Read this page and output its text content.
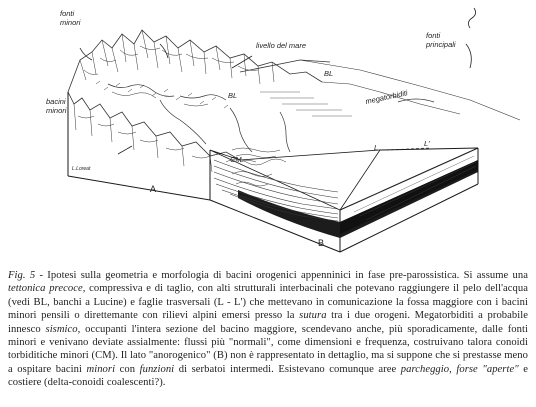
fonti
minori
livello del mare
fonti
principali
bacini
minori
BL
BL	megatorbiditi
CM
L	L'
A
B
L.Loreat
Fig. 5 - Ipotesi sulla geometria e morfologia di bacini orogenici appenninici in fase pre-parossistica. Si assume una tettonica precoce, compressiva e di taglio, con alti strutturali interbacinali che potevano raggiungere il pelo dell'acqua (vedi BL, banchi a Lucine) e faglie trasversali (L - L') che mettevano in comunicazione la fossa maggiore con i bacini minori pensili o direttemante con rilievi alpini emersi presso la sutura tra i due orogeni. Megatorbiditi a probabile innesco sismico, occupanti l'intera sezione del bacino maggiore, scendevano anche, più sporadicamente, dalle fonti minori e venivano deviate assialmente: flussi più "normali", come dimensioni e frequenza, costruivano talora conoidi torbiditiche minori (CM). Il lato "anorogenico" (B) non è rappresentato in dettaglio, ma si suppone che si prestasse meno a ospitare bacini minori con funzioni di serbatoi intermedi. Esistevano comunque aree parcheggio, forse "aperte" e costiere (delta-conoidi coalescenti?).
